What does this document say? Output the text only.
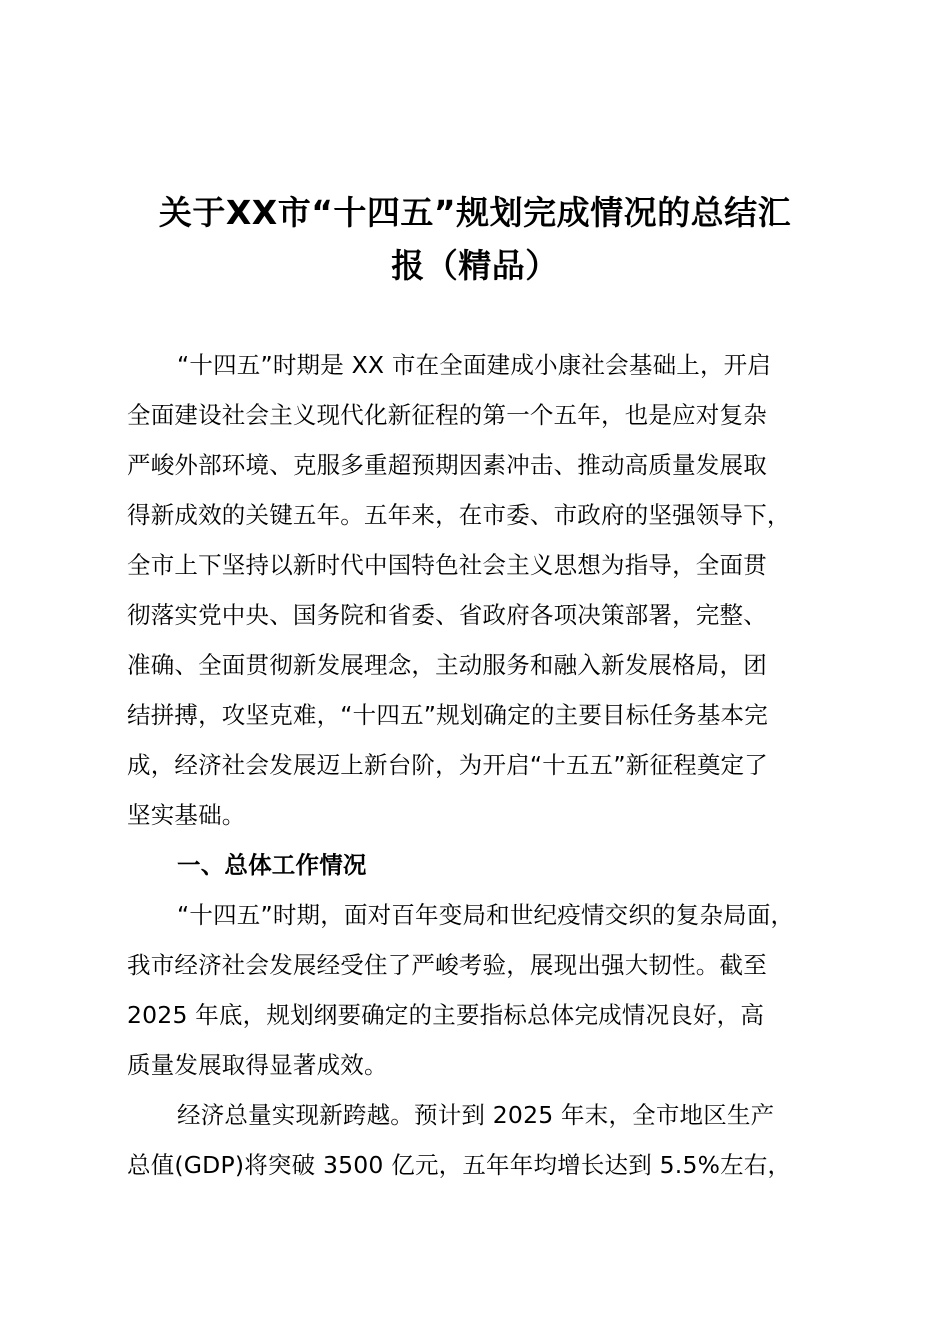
关于XX市“十四五”规划完成情况的总结汇
报（精品）
“十四五”时期是 XX 市在全面建成小康社会基础上，开启
全面建设社会主义现代化新征程的第一个五年，也是应对复杂
严峻外部环境、克服多重超预期因素冲击、推动高质量发展取
得新成效的关键五年。五年来，在市委、市政府的坚强领导下，
全市上下坚持以新时代中国特色社会主义思想为指导，全面贯
彻落实党中央、国务院和省委、省政府各项决策部署，完整、
准确、全面贯彻新发展理念，主动服务和融入新发展格局，团
结拼搏，攻坚克难，“十四五”规划确定的主要目标任务基本完
成，经济社会发展迈上新台阶，为开启“十五五”新征程奠定了
坚实基础。
一、总体工作情况
“十四五”时期，面对百年变局和世纪疫情交织的复杂局面，
我市经济社会发展经受住了严峻考验，展现出强大韧性。截至
2025 年底，规划纲要确定的主要指标总体完成情况良好，高
质量发展取得显著成效。
经济总量实现新跨越。预计到 2025 年末，全市地区生产
总值(GDP)将突破 3500 亿元，五年年均增长达到 5.5%左右，
